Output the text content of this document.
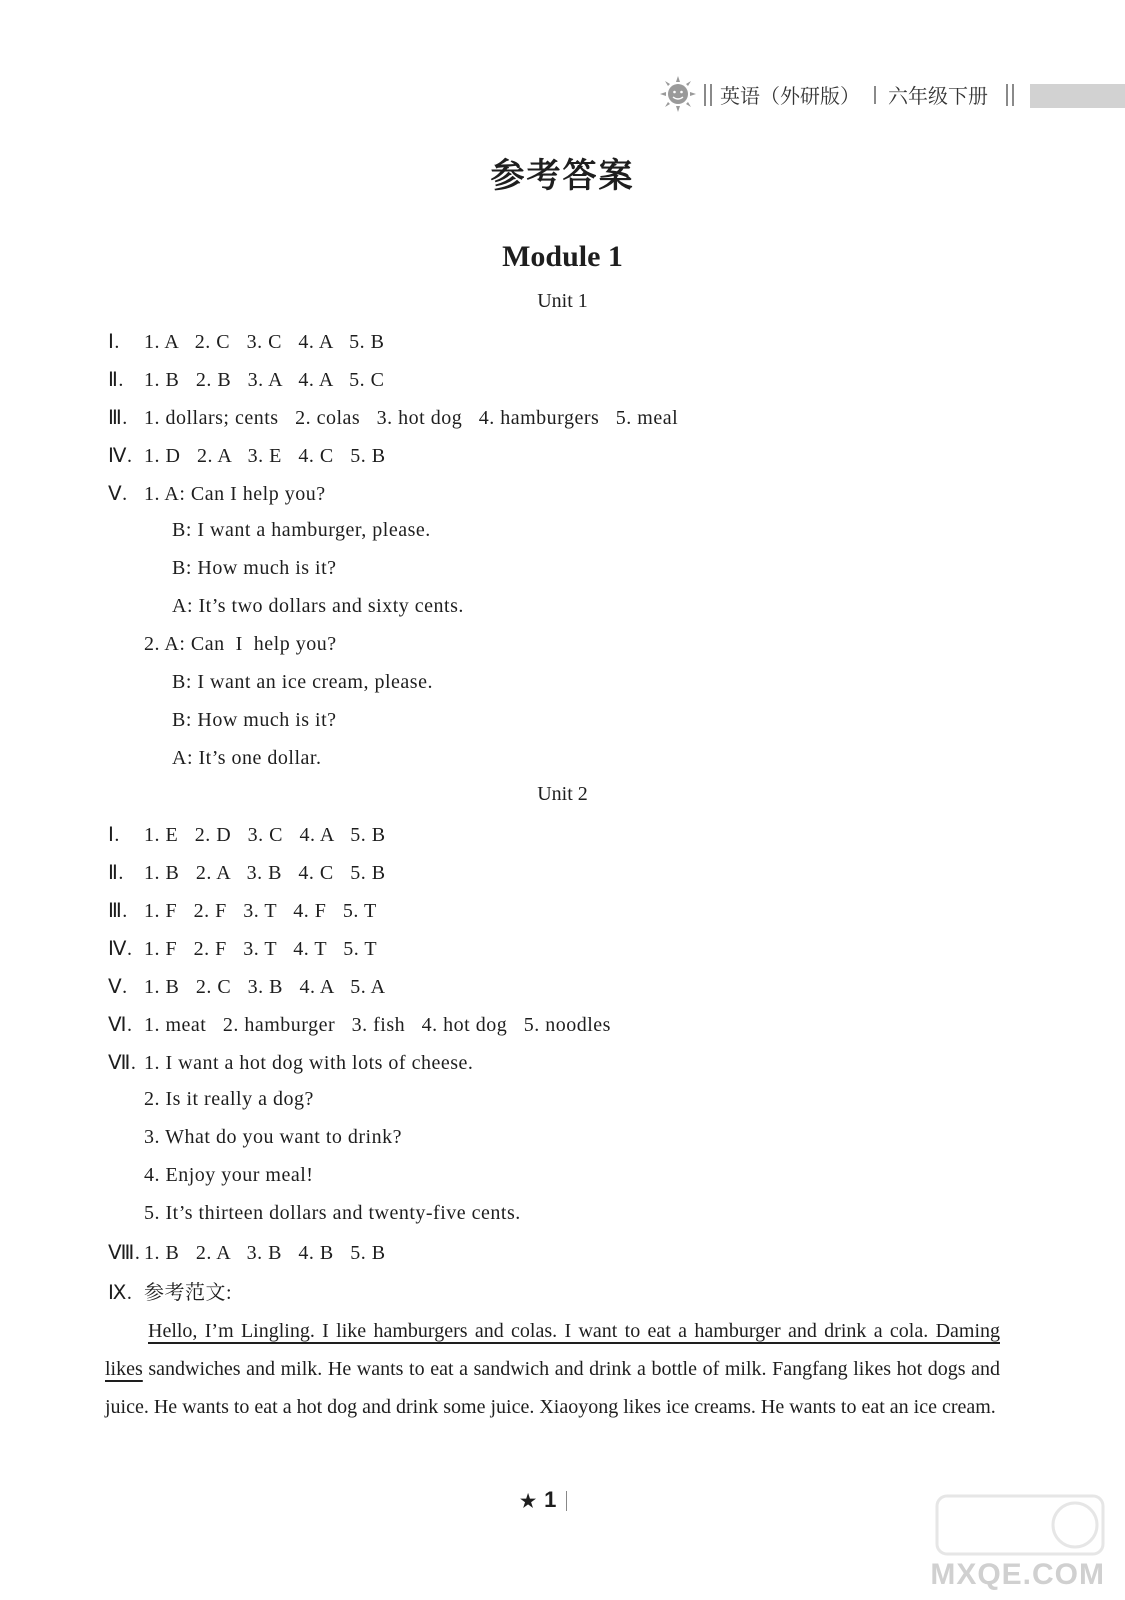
英语（外研版） 六年级下册
参考答案
Module 1
Unit 1
Ⅰ. 1. A   2. C   3. C   4. A   5. B
Ⅱ. 1. B   2. B   3. A   4. A   5. C
Ⅲ. 1. dollars; cents   2. colas   3. hot dog   4. hamburgers   5. meal
Ⅳ. 1. D   2. A   3. E   4. C   5. B
Ⅴ. 1. A: Can I help you?
B: I want a hamburger, please.
B: How much is it?
A: It’s two dollars and sixty cents.
2. A: Can  I  help you?
B: I want an ice cream, please.
B: How much is it?
A: It’s one dollar.
Unit 2
Ⅰ. 1. E   2. D   3. C   4. A   5. B
Ⅱ. 1. B   2. A   3. B   4. C   5. B
Ⅲ. 1. F   2. F   3. T   4. F   5. T
Ⅳ. 1. F   2. F   3. T   4. T   5. T
Ⅴ. 1. B   2. C   3. B   4. A   5. A
Ⅵ. 1. meat   2. hamburger   3. fish   4. hot dog   5. noodles
Ⅶ. 1. I want a hot dog with lots of cheese.
2. Is it really a dog?
3. What do you want to drink?
4. Enjoy your meal!
5. It’s thirteen dollars and twenty-five cents.
Ⅷ. 1. B   2. A   3. B   4. B   5. B
Ⅸ. 参考范文:
Hello, I’m Lingling. I like hamburgers and colas. I want to eat a hamburger and drink a cola. Daming likes sandwiches and milk. He wants to eat a sandwich and drink a bottle of milk. Fangfang likes hot dogs and juice. He wants to eat a hot dog and drink some juice. Xiaoyong likes ice creams. He wants to eat an ice cream.
★ 1
MXQE.COM
